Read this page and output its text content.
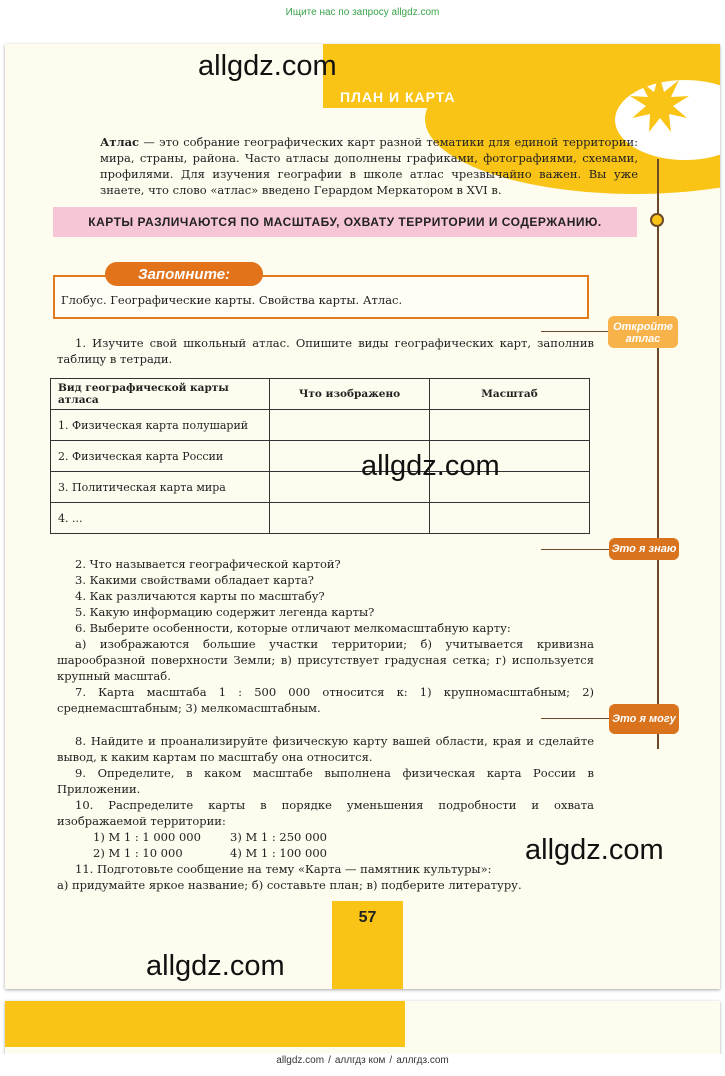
Ищите нас по запросу allgdz.com
ПЛАН И КАРТА
Атлас — это собрание географических карт разной тематики для единой территории: мира, страны, района. Часто атласы дополнены графиками, фотографиями, схемами, профилями. Для изучения географии в школе атлас чрезвычайно важен. Вы уже знаете, что слово «атлас» введено Герардом Меркатором в XVI в.
КАРТЫ РАЗЛИЧАЮТСЯ ПО МАСШТАБУ, ОХВАТУ ТЕРРИТОРИИ И СОДЕРЖАНИЮ.
Запомните:
Глобус. Географические карты. Свойства карты. Атлас.
Откройте атлас
Это я знаю
Это я могу

1. Изучите свой школьный атлас. Опишите виды географических карт, заполнив таблицу в тетради.

Вид географической карты атласа	Что изображено	Масштаб
1. Физическая карта полушарий		
2. Физическая карта России		
3. Политическая карта мира		
4. ...		

2. Что называется географической картой?

3. Какими свойствами обладает карта?

4. Как различаются карты по масштабу?

5. Какую информацию содержит легенда карты?

6. Выберите особенности, которые отличают мелкомасштабную карту:

а) изображаются большие участки территории; б) учитывается кривизна шарообразной поверхности Земли; в) присутствует градусная сетка; г) используется крупный масштаб.

7. Карта масштаба 1 : 500 000 относится к: 1) крупномасштабным; 2) среднемасштабным; 3) мелкомасштабным.

8. Найдите и проанализируйте физическую карту вашей области, края и сделайте вывод, к каким картам по масштабу она относится.

9. Определите, в каком масштабе выполнена физическая карта России в Приложении.

10. Распределите карты в порядке уменьшения подробности и охвата изображаемой территории:

1) М 1 : 1 000 000	3) М 1 : 250 000

2) М 1 : 10 000	4) М 1 : 100 000

11. Подготовьте сообщение на тему «Карта — памятник культуры»:

а) придумайте яркое название; б) составьте план; в) подберите литературу.

57
allgdz.com
allgdz.com
allgdz.com
allgdz.com
allgdz.com / аллгдз ком / аллгдз.com
